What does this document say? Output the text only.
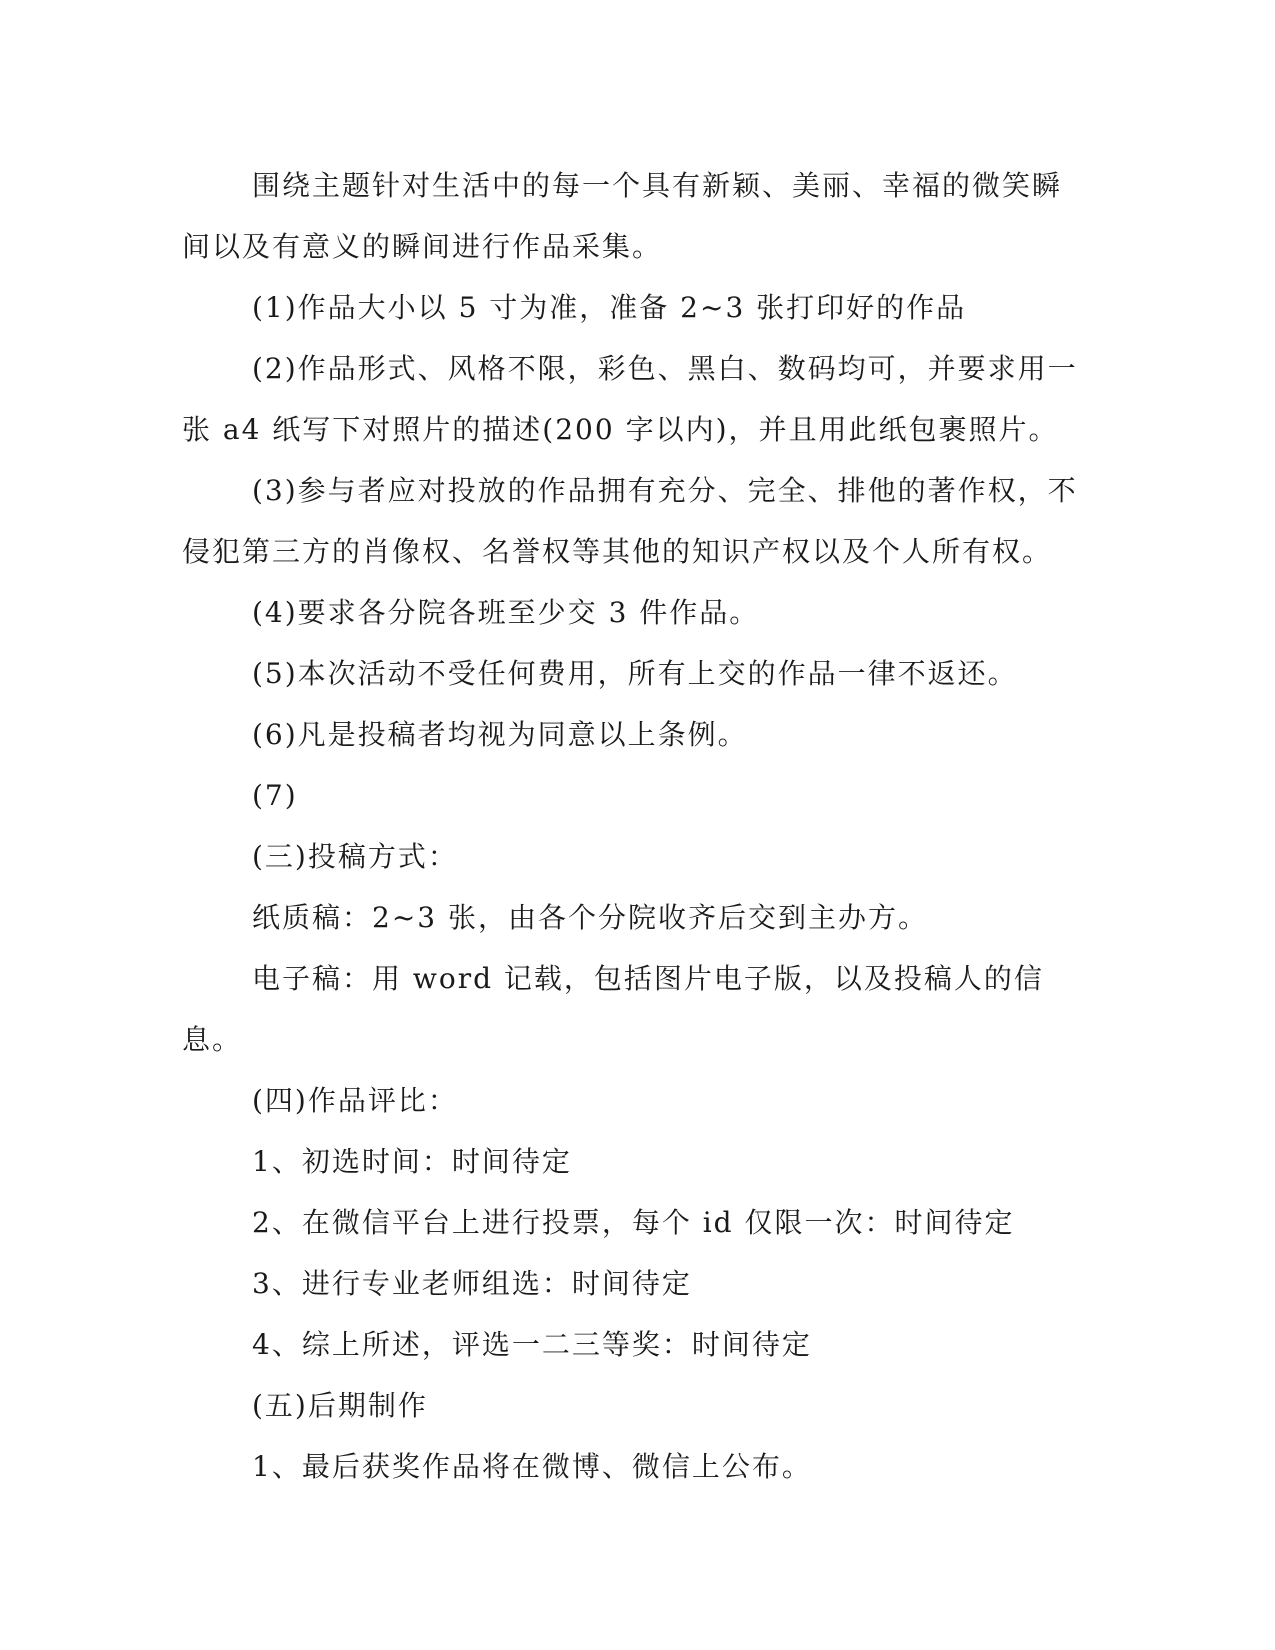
围绕主题针对生活中的每一个具有新颖、美丽、幸福的微笑瞬间以及有意义的瞬间进行作品采集。

(1)作品大小以 5 寸为准，准备 2~3 张打印好的作品

(2)作品形式、风格不限，彩色、黑白、数码均可，并要求用一张 a4 纸写下对照片的描述(200 字以内)，并且用此纸包裹照片。

(3)参与者应对投放的作品拥有充分、完全、排他的著作权，不侵犯第三方的肖像权、名誉权等其他的知识产权以及个人所有权。

(4)要求各分院各班至少交 3 件作品。

(5)本次活动不受任何费用，所有上交的作品一律不返还。

(6)凡是投稿者均视为同意以上条例。

(7)

(三)投稿方式：

纸质稿：2~3 张，由各个分院收齐后交到主办方。

电子稿：用 word 记载，包括图片电子版，以及投稿人的信息。

(四)作品评比：

1、初选时间：时间待定

2、在微信平台上进行投票，每个 id 仅限一次：时间待定

3、进行专业老师组选：时间待定

4、综上所述，评选一二三等奖：时间待定

(五)后期制作

1、最后获奖作品将在微博、微信上公布。
